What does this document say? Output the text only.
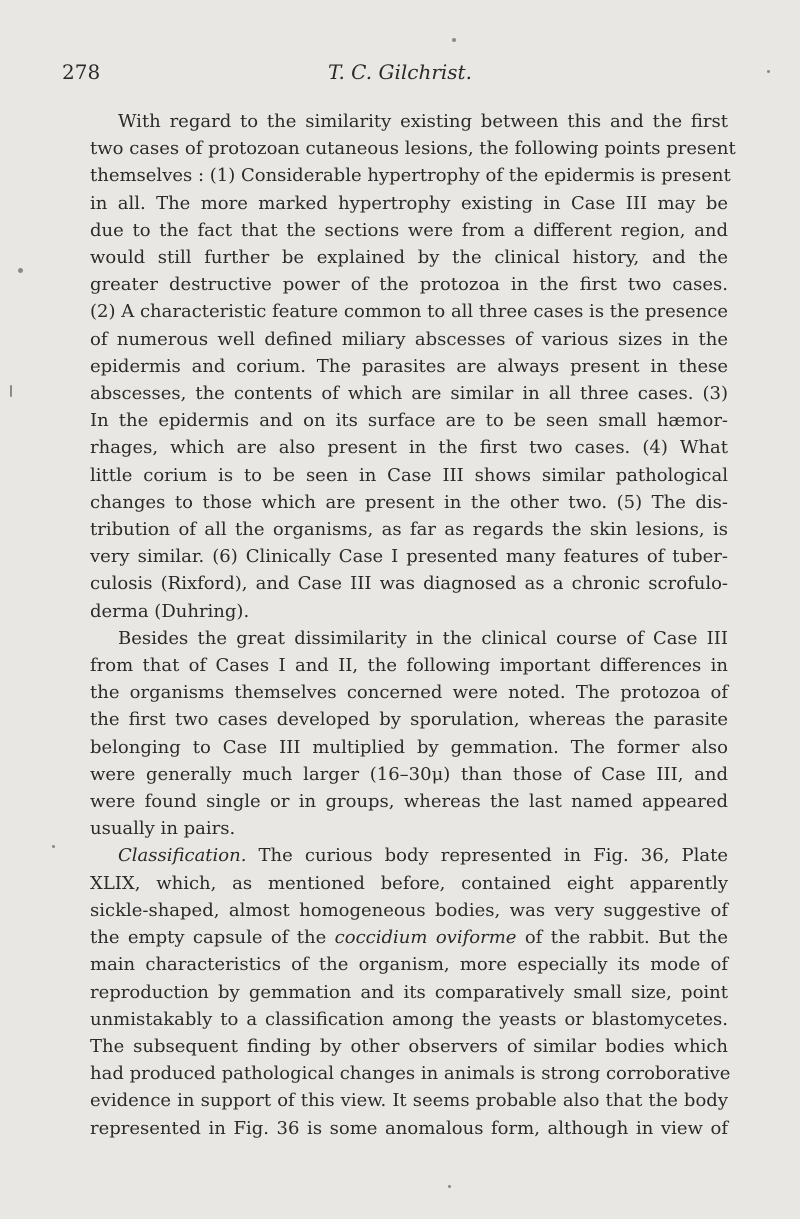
278	T. C. Gilchrist.

With regard to the similarity existing between this and the first
two cases of protozoan cutaneous lesions, the following points present
themselves : (1) Considerable hypertrophy of the epidermis is present
in all. The more marked hypertrophy existing in Case III may be
due to the fact that the sections were from a different region, and
would still further be explained by the clinical history, and the
greater destructive power of the protozoa in the first two cases.
(2) A characteristic feature common to all three cases is the presence
of numerous well defined miliary abscesses of various sizes in the
epidermis and corium. The parasites are always present in these
abscesses, the contents of which are similar in all three cases. (3)
In the epidermis and on its surface are to be seen small hæmor-
rhages, which are also present in the first two cases. (4) What
little corium is to be seen in Case III shows similar pathological
changes to those which are present in the other two. (5) The dis-
tribution of all the organisms, as far as regards the skin lesions, is
very similar. (6) Clinically Case I presented many features of tuber-
culosis (Rixford), and Case III was diagnosed as a chronic scrofulo-
derma (Duhring).

Besides the great dissimilarity in the clinical course of Case III
from that of Cases I and II, the following important differences in
the organisms themselves concerned were noted. The protozoa of
the first two cases developed by sporulation, whereas the parasite
belonging to Case III multiplied by gemmation. The former also
were generally much larger (16–30μ) than those of Case III, and
were found single or in groups, whereas the last named appeared
usually in pairs.

Classification. The curious body represented in Fig. 36, Plate
XLIX, which, as mentioned before, contained eight apparently
sickle-shaped, almost homogeneous bodies, was very suggestive of
the empty capsule of the coccidium oviforme of the rabbit. But the
main characteristics of the organism, more especially its mode of
reproduction by gemmation and its comparatively small size, point
unmistakably to a classification among the yeasts or blastomycetes.
The subsequent finding by other observers of similar bodies which
had produced pathological changes in animals is strong corroborative
evidence in support of this view. It seems probable also that the body
represented in Fig. 36 is some anomalous form, although in view of
